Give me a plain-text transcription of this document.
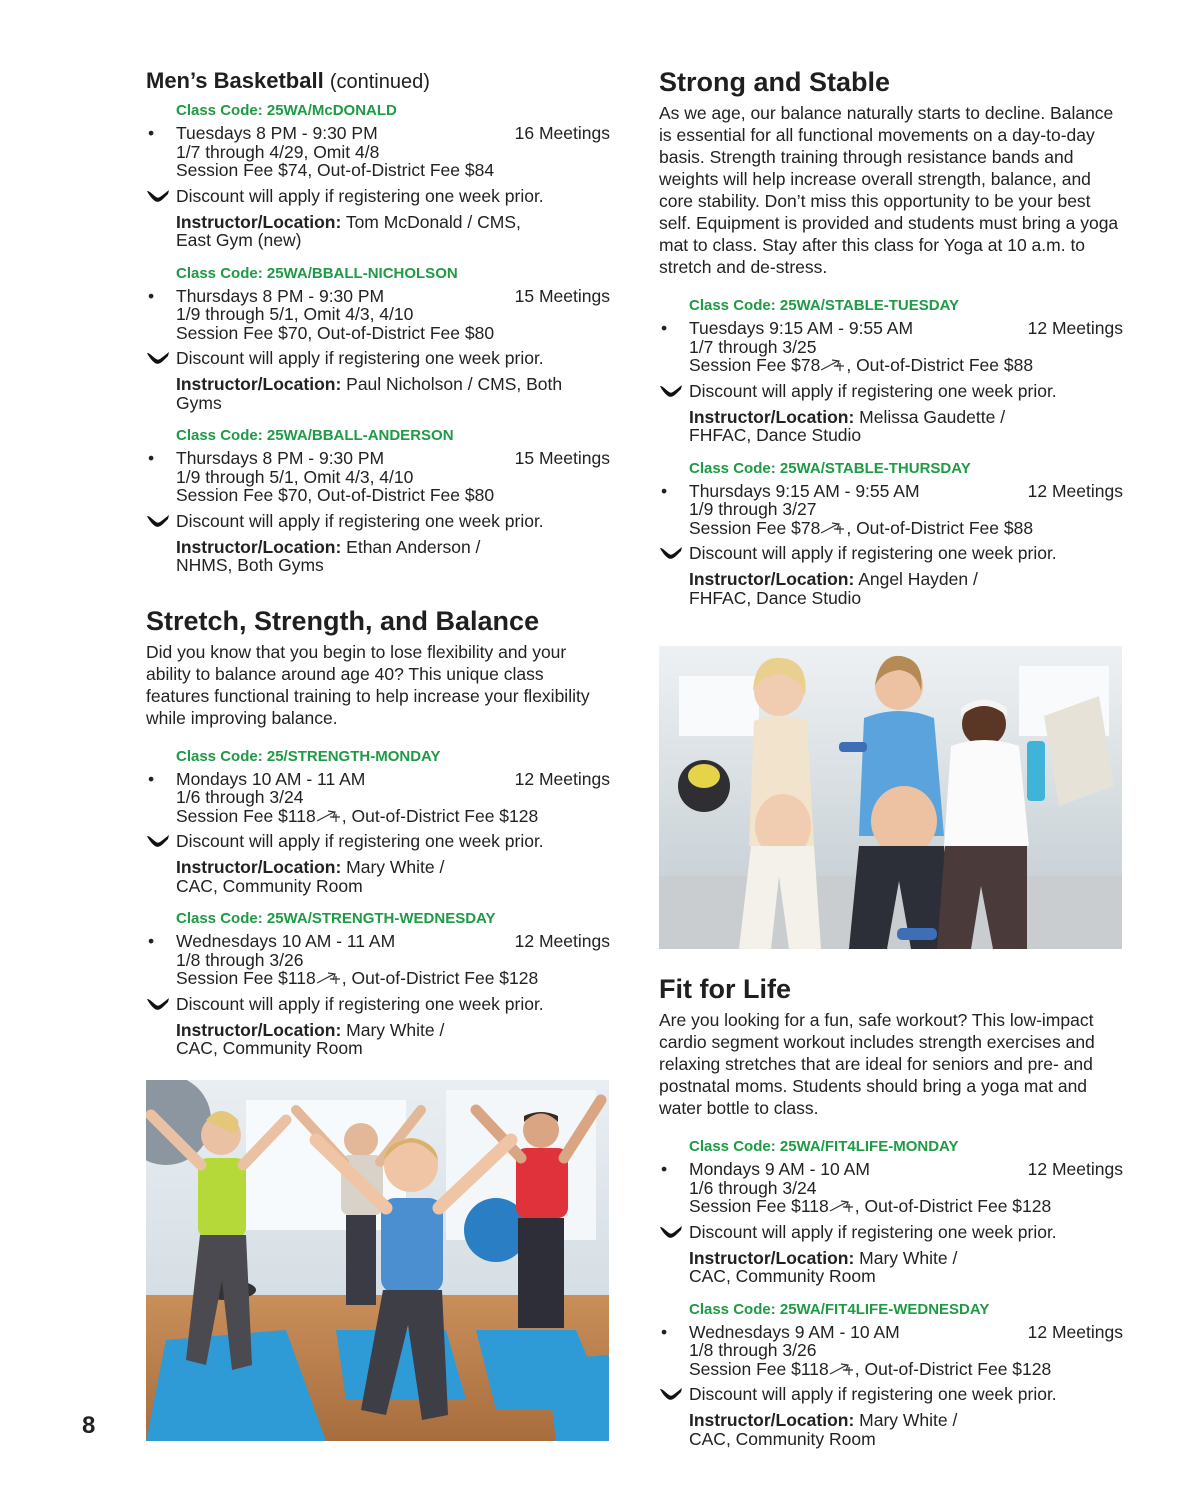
Men’s Basketball (continued)
Class Code: 25WA/McDONALD
• Tuesdays 8 PM - 9:30 PM	16 Meetings
1/7 through 4/29, Omit 4/8
Session Fee $74, Out-of-District Fee $84
Discount will apply if registering one week prior.
Instructor/Location: Tom McDonald / CMS,
East Gym (new)
Class Code: 25WA/BBALL-NICHOLSON
• Thursdays 8 PM - 9:30 PM	15 Meetings
1/9 through 5/1, Omit 4/3, 4/10
Session Fee $70, Out-of-District Fee $80
Discount will apply if registering one week prior.
Instructor/Location: Paul Nicholson / CMS, Both Gyms
Class Code: 25WA/BBALL-ANDERSON
• Thursdays 8 PM - 9:30 PM	15 Meetings
1/9 through 5/1, Omit 4/3, 4/10
Session Fee $70, Out-of-District Fee $80
Discount will apply if registering one week prior.
Instructor/Location: Ethan Anderson /
NHMS, Both Gyms
Stretch, Strength, and Balance
Did you know that you begin to lose flexibility and your ability to balance around age 40? This unique class features functional training to help increase your flexibility while improving balance.
Class Code: 25/STRENGTH-MONDAY
• Mondays 10 AM - 11 AM	12 Meetings
1/6 through 3/24
Session Fee $118 , Out-of-District Fee $128
Discount will apply if registering one week prior.
Instructor/Location: Mary White /
CAC, Community Room
Class Code: 25WA/STRENGTH-WEDNESDAY
• Wednesdays 10 AM - 11 AM	12 Meetings
1/8 through 3/26
Session Fee $118 , Out-of-District Fee $128
Discount will apply if registering one week prior.
Instructor/Location: Mary White /
CAC, Community Room
Strong and Stable
As we age, our balance naturally starts to decline. Balance is essential for all functional movements on a day-to-day basis. Strength training through resistance bands and weights will help increase overall strength, balance, and core stability. Don’t miss this opportunity to be your best self. Equipment is provided and students must bring a yoga mat to class. Stay after this class for Yoga at 10 a.m. to stretch and de-stress.
Class Code: 25WA/STABLE-TUESDAY
• Tuesdays 9:15 AM - 9:55 AM	12 Meetings
1/7 through 3/25
Session Fee $78 , Out-of-District Fee $88
Discount will apply if registering one week prior.
Instructor/Location: Melissa Gaudette /
FHFAC, Dance Studio
Class Code: 25WA/STABLE-THURSDAY
• Thursdays 9:15 AM - 9:55 AM	12 Meetings
1/9 through 3/27
Session Fee $78 , Out-of-District Fee $88
Discount will apply if registering one week prior.
Instructor/Location: Angel Hayden /
FHFAC, Dance Studio
Fit for Life
Are you looking for a fun, safe workout? This low-impact cardio segment workout includes strength exercises and relaxing stretches that are ideal for seniors and pre- and postnatal moms. Students should bring a yoga mat and water bottle to class.
Class Code: 25WA/FIT4LIFE-MONDAY
• Mondays 9 AM - 10 AM	12 Meetings
1/6 through 3/24
Session Fee $118 , Out-of-District Fee $128
Discount will apply if registering one week prior.
Instructor/Location: Mary White /
CAC, Community Room
Class Code: 25WA/FIT4LIFE-WEDNESDAY
• Wednesdays 9 AM - 10 AM	12 Meetings
1/8 through 3/26
Session Fee $118 , Out-of-District Fee $128
Discount will apply if registering one week prior.
Instructor/Location: Mary White /
CAC, Community Room
8
